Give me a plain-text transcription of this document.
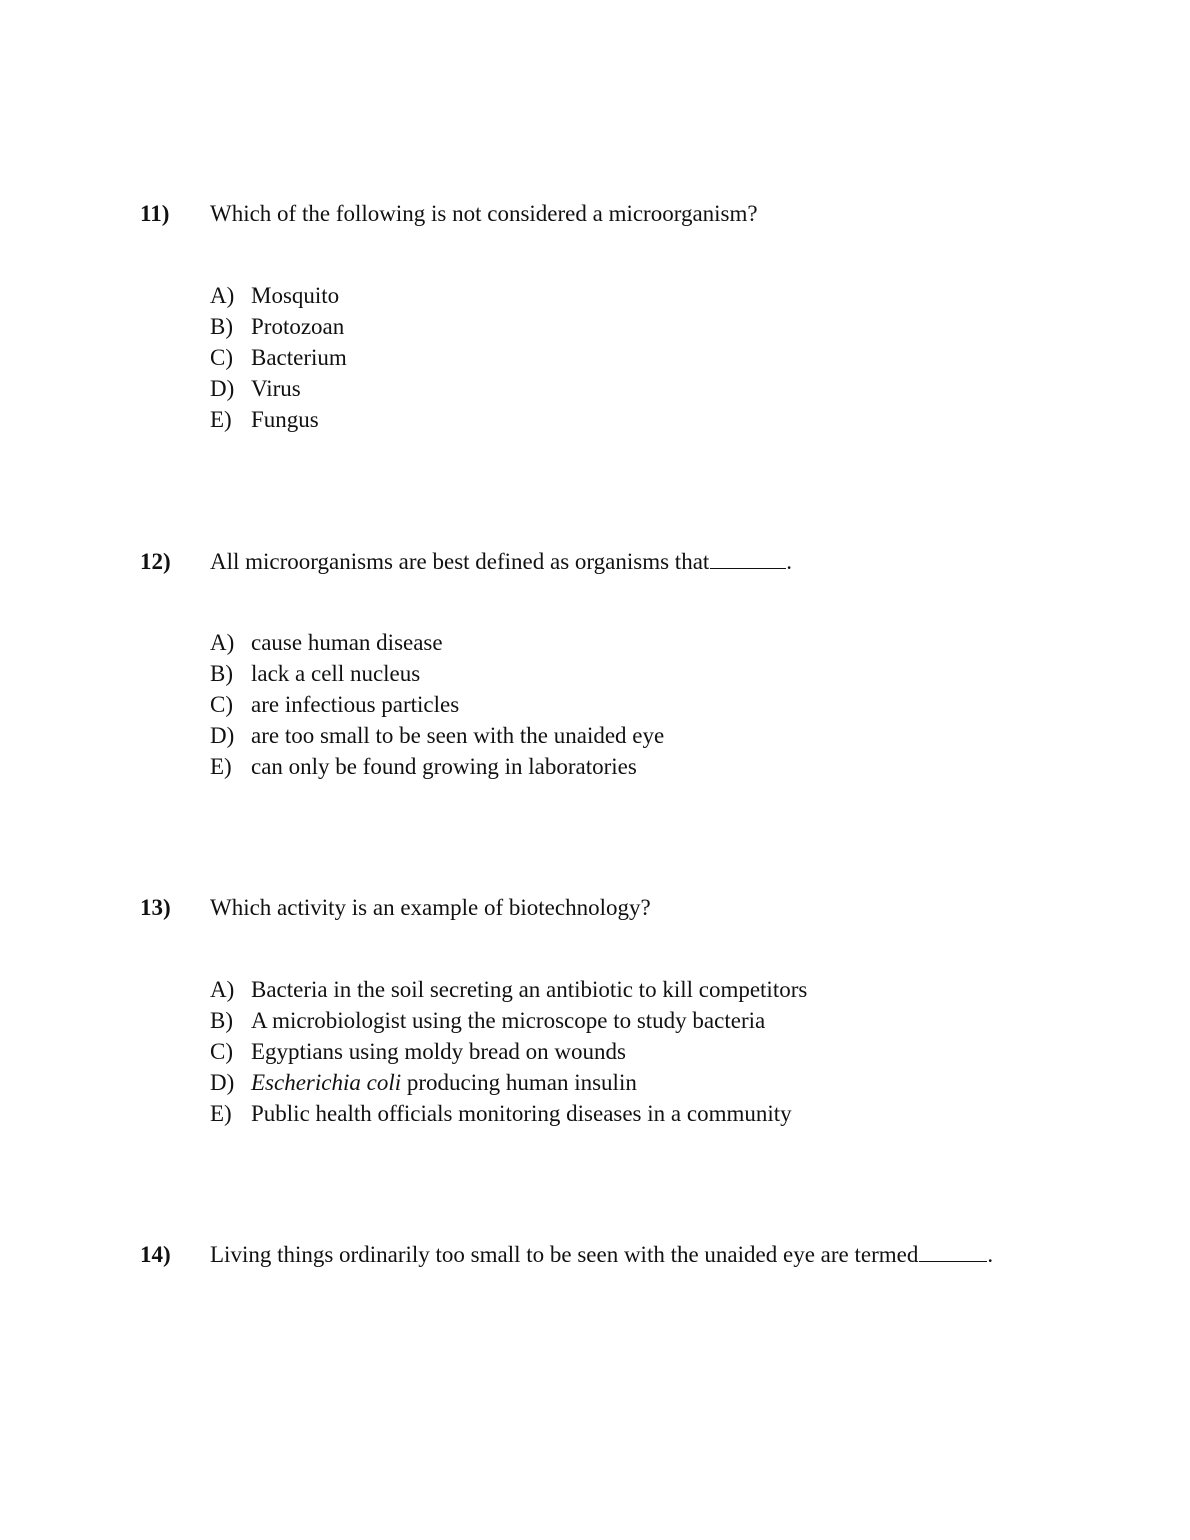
11) Which of the following is not considered a microorganism?
A) Mosquito
B) Protozoan
C) Bacterium
D) Virus
E) Fungus
12) All microorganisms are best defined as organisms that	.
A) cause human disease
B) lack a cell nucleus
C) are infectious particles
D) are too small to be seen with the unaided eye
E) can only be found growing in laboratories
13) Which activity is an example of biotechnology?
A) Bacteria in the soil secreting an antibiotic to kill competitors
B) A microbiologist using the microscope to study bacteria
C) Egyptians using moldy bread on wounds
D) Escherichia coli producing human insulin
E) Public health officials monitoring diseases in a community
14) Living things ordinarily too small to be seen with the unaided eye are termed	.
